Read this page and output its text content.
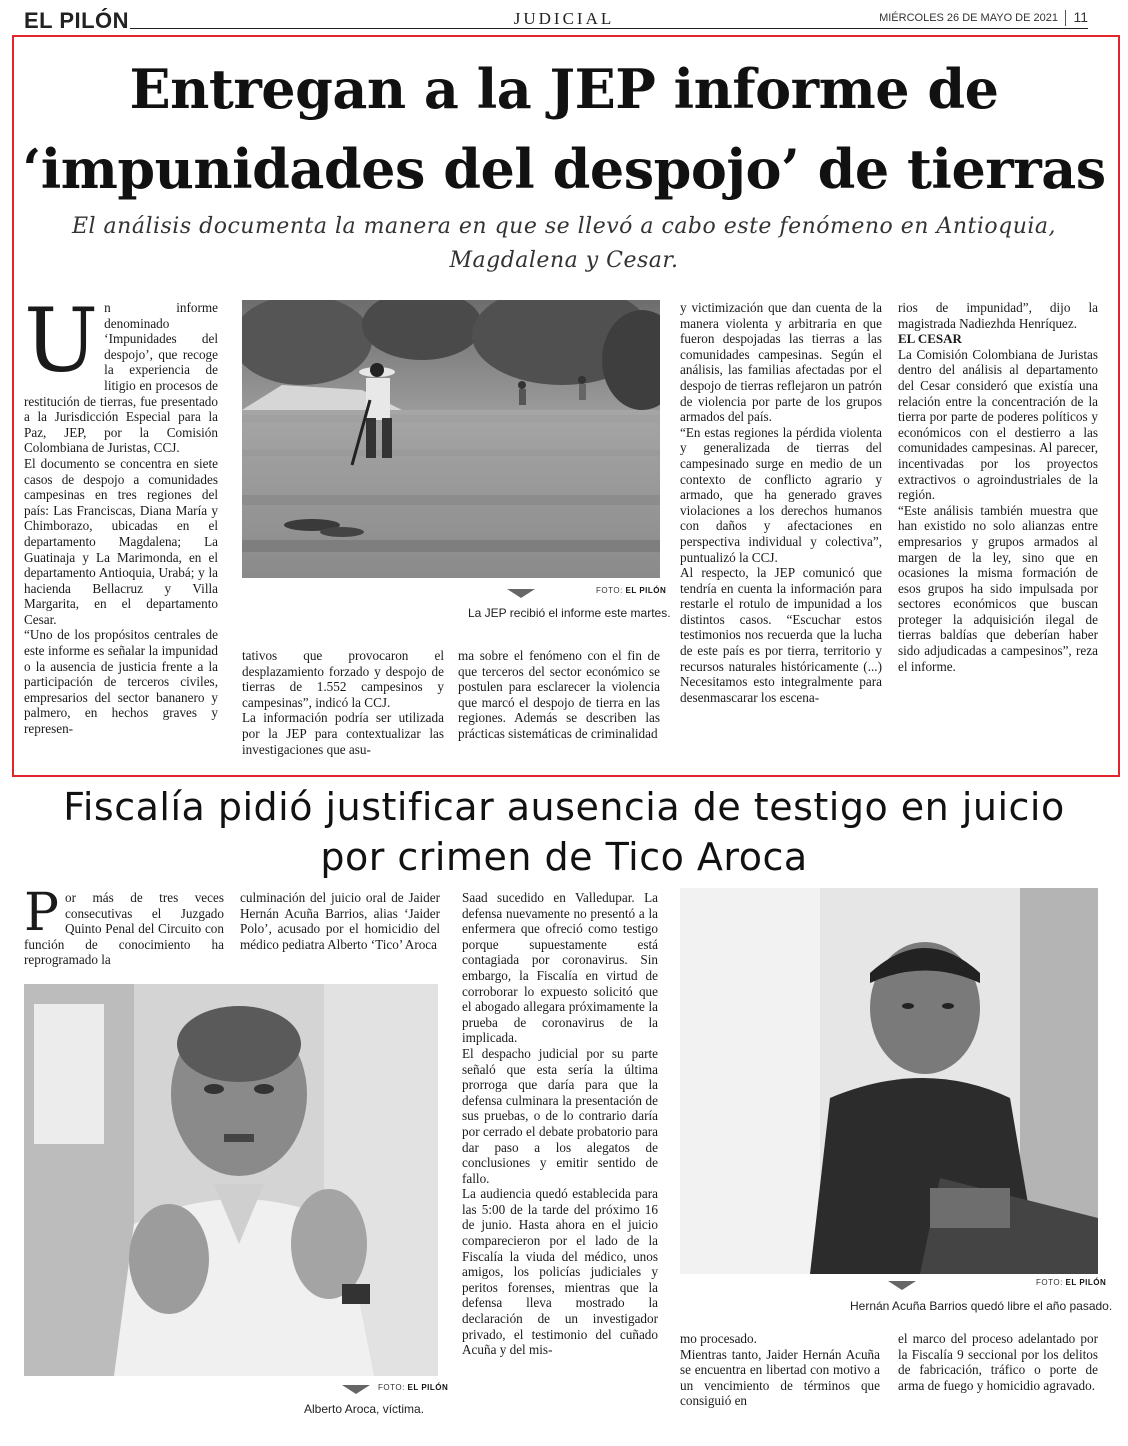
EL PILÓN	JUDICIAL	MIÉRCOLES 26 DE MAYO DE 2021 11
Entregan a la JEP informe de
‘impunidades del despojo’ de tierras
El análisis documenta la manera en que se llevó a cabo este fenómeno en Antioquia, Magdalena y Cesar.
U n informe denominado ‘Impunidades del despojo’, que recoge la experiencia de litigio en procesos de restitución de tierras, fue presentado a la Jurisdicción Especial para la Paz, JEP, por la Comisión Colombiana de Juristas, CCJ.

El documento se concentra en siete casos de despojo a comunidades campesinas en tres regiones del país: Las Franciscas, Diana María y Chimborazo, ubicadas en el departamento Magdalena; La Guatinaja y La Marimonda, en el departamento Antioquia, Urabá; y la hacienda Bellacruz y Villa Margarita, en el departamento Cesar.

“Uno de los propósitos centrales de este informe es señalar la impunidad o la ausencia de justicia frente a la participación de terceros civiles, empresarios del sector bananero y palmero, en hechos graves y represen-

FOTO: EL PILÓN
La JEP recibió el informe este martes.

tativos que provocaron el desplazamiento forzado y despojo de tierras de 1.552 campesinos y campesinas”, indicó la CCJ.

La información podría ser utilizada por la JEP para contextualizar las investigaciones que asu-

ma sobre el fenómeno con el fin de que terceros del sector económico se postulen para esclarecer la violencia que marcó el despojo de tierra en las regiones. Además se describen las prácticas sistemáticas de criminalidad

y victimización que dan cuenta de la manera violenta y arbitraria en que fueron despojadas las tierras a las comunidades campesinas. Según el análisis, las familias afectadas por el despojo de tierras reflejaron un patrón de violencia por parte de los grupos armados del país.

“En estas regiones la pérdida violenta y generalizada de tierras del campesinado surge en medio de un contexto de conflicto agrario y armado, que ha generado graves violaciones a los derechos humanos con daños y afectaciones en perspectiva individual y colectiva”, puntualizó la CCJ.

Al respecto, la JEP comunicó que tendría en cuenta la información para restarle el rotulo de impunidad a los distintos casos. “Escuchar estos testimonios nos recuerda que la lucha de este país es por tierra, territorio y recursos naturales históricamente (...) Necesitamos esto integralmente para desenmascarar los escena-

rios de impunidad”, dijo la magistrada Nadiezhda Henríquez.

EL CESAR

La Comisión Colombiana de Juristas dentro del análisis al departamento del Cesar consideró que existía una relación entre la concentración de la tierra por parte de poderes políticos y económicos con el destierro a las comunidades campesinas. Al parecer, incentivadas por los proyectos extractivos o agroindustriales de la región.

“Este análisis también muestra que han existido no solo alianzas entre empresarios y grupos armados al margen de la ley, sino que en ocasiones la misma formación de esos grupos ha sido impulsada por sectores económicos que buscan proteger la adquisición ilegal de tierras baldías que deberían haber sido adjudicadas a campesinos”, reza el informe.

Fiscalía pidió justificar ausencia de testigo en juicio
por crimen de Tico Aroca
P or más de tres veces consecutivas el Juzgado Quinto Penal del Circuito con función de conocimiento ha reprogramado la

culminación del juicio oral de Jaider Hernán Acuña Barrios, alias ‘Jaider Polo’, acusado por el homicidio del médico pediatra Alberto ‘Tico’ Aroca

FOTO: EL PILÓN
Alberto Aroca, víctima.

Saad sucedido en Valledupar. La defensa nuevamente no presentó a la enfermera que ofreció como testigo porque supuestamente está contagiada por coronavirus. Sin embargo, la Fiscalía en virtud de corroborar lo expuesto solicitó que el abogado allegara próximamente la prueba de coronavirus de la implicada.

El despacho judicial por su parte señaló que esta sería la última prorroga que daría para que la defensa culminara la presentación de sus pruebas, o de lo contrario daría por cerrado el debate probatorio para dar paso a los alegatos de conclusiones y emitir sentido de fallo.

La audiencia quedó establecida para las 5:00 de la tarde del próximo 16 de junio. Hasta ahora en el juicio comparecieron por el lado de la Fiscalía la viuda del médico, unos amigos, los policías judiciales y peritos forenses, mientras que la defensa lleva mostrado la declaración de un investigador privado, el testimonio del cuñado Acuña y del mis-

FOTO: EL PILÓN
Hernán Acuña Barrios quedó libre el año pasado.

mo procesado.

Mientras tanto, Jaider Hernán Acuña se encuentra en libertad con motivo a un vencimiento de términos que consiguió en

el marco del proceso adelantado por la Fiscalía 9 seccional por los delitos de fabricación, tráfico o porte de arma de fuego y homicidio agravado.
